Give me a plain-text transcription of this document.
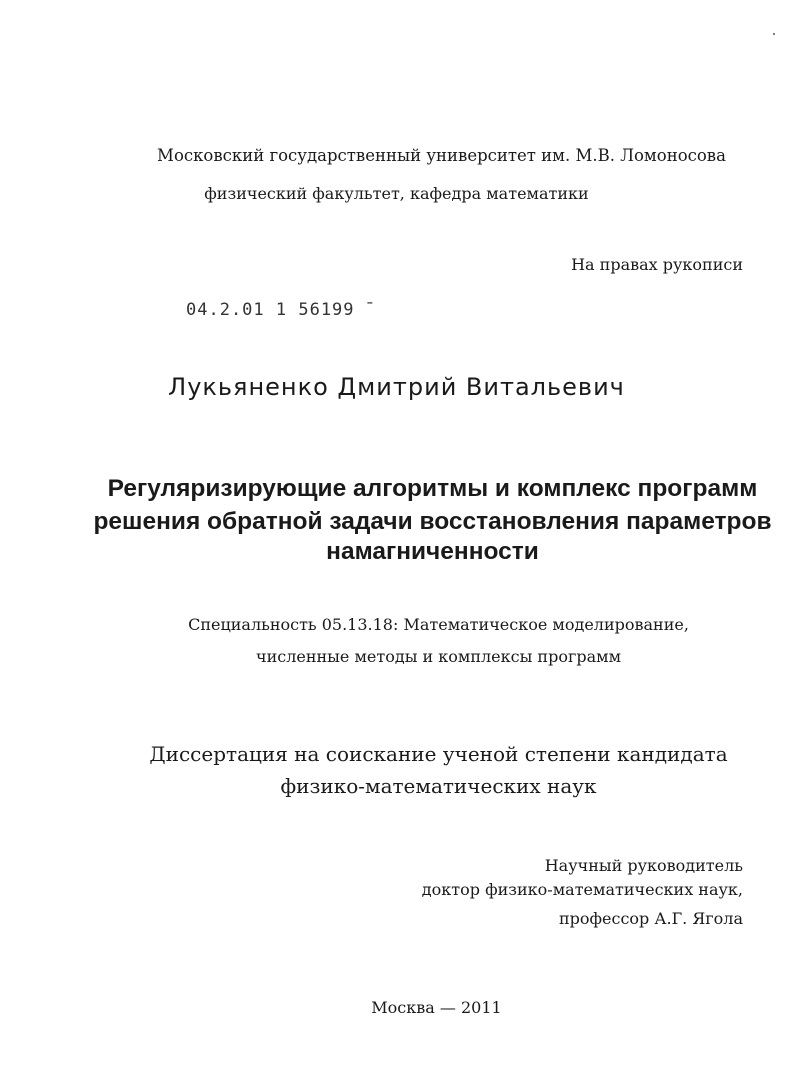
Московский государственный университет им. М.В. Ломоносова
физический факультет, кафедра математики
На правах рукописи
04.2.01 1 56199 ̄
Лукьяненко Дмитрий Витальевич
Регуляризирующие алгоритмы и комплекс программ
решения обратной задачи восстановления параметров
намагниченности
Специальность 05.13.18: Математическое моделирование,
численные методы и комплексы программ
Диссертация на соискание ученой степени кандидата
физико-математических наук
Научный руководитель
доктор физико-математических наук,
профессор А.Г. Ягола
Москва — 2011
